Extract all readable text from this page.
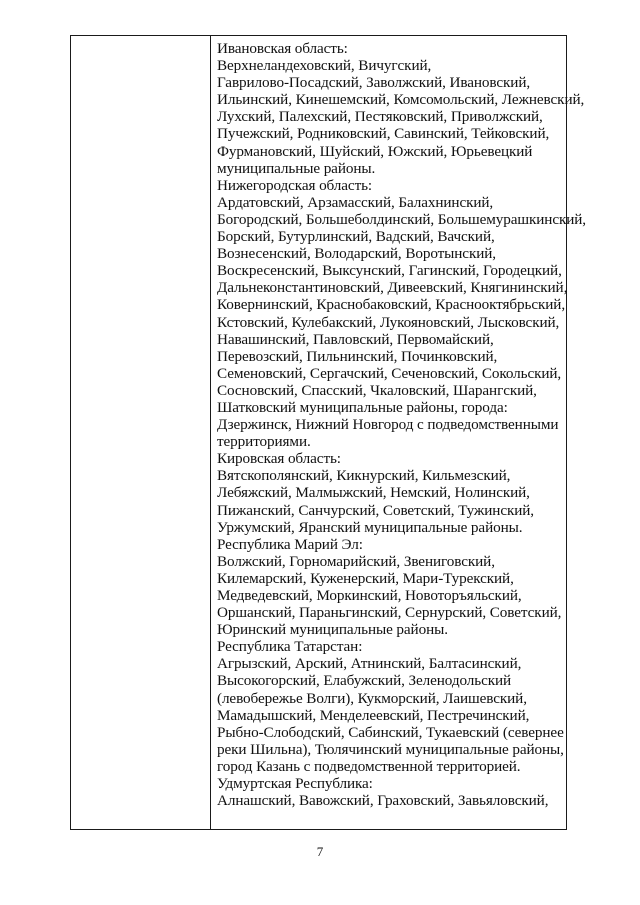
Ивановская область:
Верхнеландеховский, Вичугский,
Гаврилово-Посадский, Заволжский, Ивановский,
Ильинский, Кинешемский, Комсомольский, Лежневский,
Лухский, Палехский, Пестяковский, Приволжский,
Пучежский, Родниковский, Савинский, Тейковский,
Фурмановский, Шуйский, Южский, Юрьевецкий
муниципальные районы.
Нижегородская область:
Ардатовский, Арзамасский, Балахнинский,
Богородский, Большеболдинский, Большемурашкинский,
Борский, Бутурлинский, Вадский, Вачский,
Вознесенский, Володарский, Воротынский,
Воскресенский, Выксунский, Гагинский, Городецкий,
Дальнеконстантиновский, Дивеевский, Княгининский,
Ковернинский, Краснобаковский, Краснооктябрьский,
Кстовский, Кулебакский, Лукояновский, Лысковский,
Навашинский, Павловский, Первомайский,
Перевозский, Пильнинский, Починковский,
Семеновский, Сергачский, Сеченовский, Сокольский,
Сосновский, Спасский, Чкаловский, Шарангский,
Шатковский муниципальные районы, города:
Дзержинск, Нижний Новгород с подведомственными
территориями.
Кировская область:
Вятскополянский, Кикнурский, Кильмезский,
Лебяжский, Малмыжский, Немский, Нолинский,
Пижанский, Санчурский, Советский, Тужинский,
Уржумский, Яранский муниципальные районы.
Республика Марий Эл:
Волжский, Горномарийский, Звениговский,
Килемарский, Куженерский, Мари-Турекский,
Медведевский, Моркинский, Новоторъяльский,
Оршанский, Параньгинский, Сернурский, Советский,
Юринский муниципальные районы.
Республика Татарстан:
Агрызский, Арский, Атнинский, Балтасинский,
Высокогорский, Елабужский, Зеленодольский
(левобережье Волги), Кукморский, Лаишевский,
Мамадышский, Менделеевский, Пестречинский,
Рыбно-Слободский, Сабинский, Тукаевский (севернее
реки Шильна), Тюлячинский муниципальные районы,
город Казань с подведомственной территорией.
Удмуртская Республика:
Алнашский, Вавожский, Граховский, Завьяловский,
7
